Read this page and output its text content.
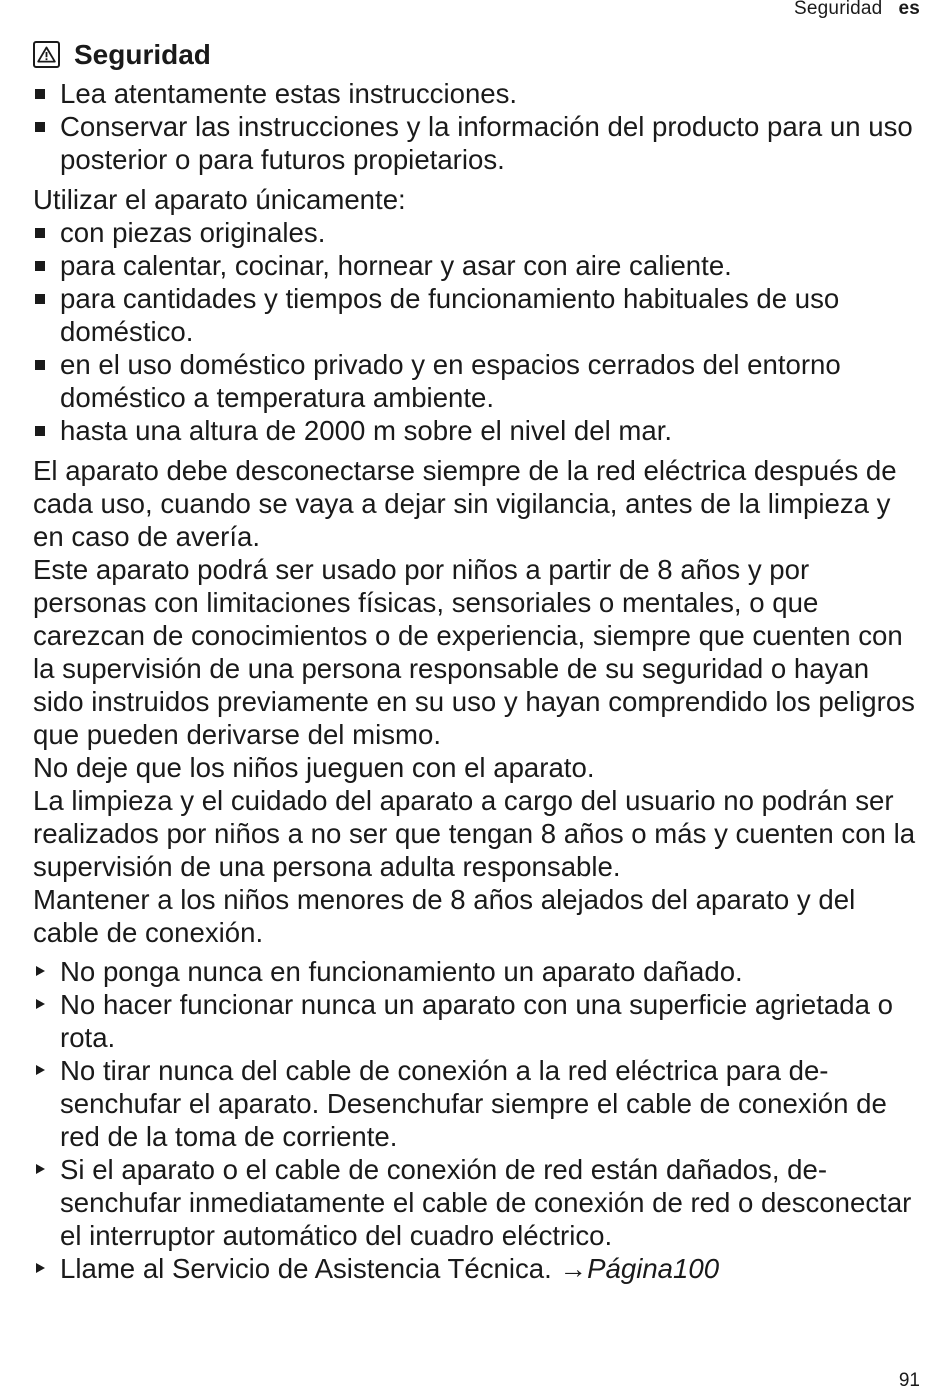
Seguridad es
Seguridad
Lea atentamente estas instrucciones.
Conservar las instrucciones y la información del producto para un uso posterior o para futuros propietarios.

Utilizar el aparato únicamente:

con piezas originales.
para calentar, cocinar, hornear y asar con aire caliente.
para cantidades y tiempos de funcionamiento habituales de uso doméstico.
en el uso doméstico privado y en espacios cerrados del entorno doméstico a temperatura ambiente.
hasta una altura de 2000 m sobre el nivel del mar.

El aparato debe desconectarse siempre de la red eléctrica después de cada uso, cuando se vaya a dejar sin vigilancia, antes de la limpieza y en caso de avería.

Este aparato podrá ser usado por niños a partir de 8 años y por personas con limitaciones físicas, sensoriales o mentales, o que carezcan de conocimientos o de experiencia, siempre que cuenten con la supervisión de una persona responsable de su seguridad o hayan sido instruidos previamente en su uso y hayan comprendido los peligros que pueden derivarse del mismo.

No deje que los niños jueguen con el aparato.

La limpieza y el cuidado del aparato a cargo del usuario no podrán ser realizados por niños a no ser que tengan 8 años o más y cuenten con la supervisión de una persona adulta responsable.

Mantener a los niños menores de 8 años alejados del aparato y del cable de conexión.

No ponga nunca en funcionamiento un aparato dañado.
No hacer funcionar nunca un aparato con una superficie agrietada o rota.
No tirar nunca del cable de conexión a la red eléctrica para desenchufar el aparato. Desenchufar siempre el cable de conexión de red de la toma de corriente.
Si el aparato o el cable de conexión de red están dañados, desenchufar inmediatamente el cable de conexión de red o desconectar el interruptor automático del cuadro eléctrico.
Llame al Servicio de Asistencia Técnica. →Página100
91
